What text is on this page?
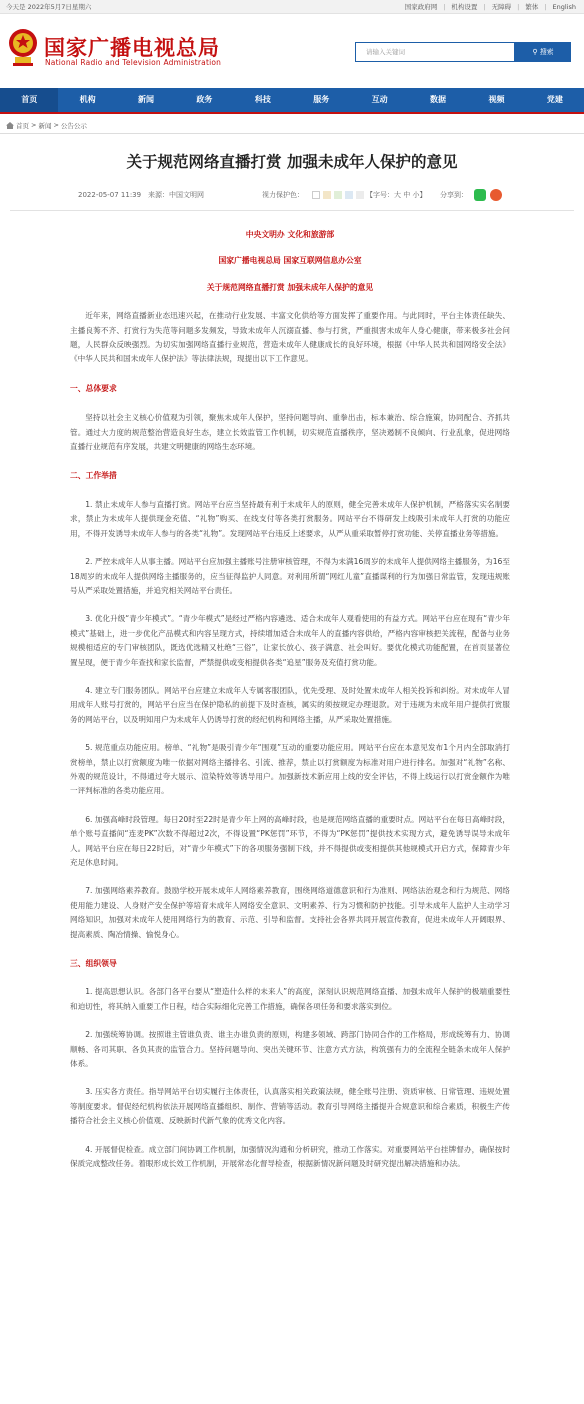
今天是 2022年5月7日星期六	国家政府网 | 机构设置 | 无障碍 | 繁体 | English
国家广播电视总局
National Radio and Television Administration
请输入关键词	⚲ 搜索
首页	机构	新闻	政务	科技	服务	互动	数据	视频	党建
首页 > 新闻 > 公告公示
关于规范网络直播打赏 加强未成年人保护的意见
2022-05-07 11:39 来源：中国文明网	视力保护色：	【字号：大 中 小】 分享到：
中央文明办 文化和旅游部
国家广播电视总局 国家互联网信息办公室
关于规范网络直播打赏 加强未成年人保护的意见

近年来，网络直播新业态迅速兴起，在推动行业发展、丰富文化供给等方面发挥了重要作用。与此同时，平台主体责任缺失、主播良莠不齐、打赏行为失范等问题多发频发，导致未成年人沉溺直播、参与打赏，严重损害未成年人身心健康，带来极多社会问题，人民群众反映强烈。为切实加强网络直播行业规范，营造未成年人健康成长的良好环境，根据《中华人民共和国网络安全法》《中华人民共和国未成年人保护法》等法律法规，现提出以下工作意见。

一、总体要求

坚持以社会主义核心价值观为引领，聚焦未成年人保护，坚持问题导向、重拳出击，标本兼治、综合施策，协同配合、齐抓共管。通过大力度的规范整治营造良好生态，建立长效监管工作机制，切实规范直播秩序，坚决遏制不良倾向、行业乱象，促进网络直播行业规范有序发展，共建文明健康的网络生态环境。

二、工作举措

1. 禁止未成年人参与直播打赏。网站平台应当坚持最有利于未成年人的原则，健全完善未成年人保护机制，严格落实实名制要求，禁止为未成年人提供现金充值、“礼物”购买、在线支付等各类打赏服务。网站平台不得研发上线吸引未成年人打赏的功能应用，不得开发诱导未成年人参与的各类“礼物”。发现网站平台违反上述要求，从严从重采取暂停打赏功能、关停直播业务等措施。

2. 严控未成年人从事主播。网站平台应加强主播账号注册审核管理，不得为未满16周岁的未成年人提供网络主播服务，为16至18周岁的未成年人提供网络主播服务的，应当征得监护人同意。对利用所谓“网红儿童”直播谋利的行为加强日常监管，发现违规账号从严采取处置措施，并追究相关网站平台责任。

3. 优化升级“青少年模式”。“青少年模式”是经过严格内容遴选、适合未成年人观看使用的有益方式。网站平台应在现有“青少年模式”基础上，进一步优化产品模式和内容呈现方式，持续增加适合未成年人的直播内容供给，严格内容审核把关流程，配备与业务规模相适应的专门审核团队，既选优选精又杜绝“三俗”，让家长放心、孩子满意、社会叫好。要优化模式功能配置，在首页显著位置呈现，便于青少年查找和家长监督，严禁提供或变相提供各类“追星”服务及充值打赏功能。

4. 建立专门服务团队。网站平台应建立未成年人专属客服团队，优先受理、及时处置未成年人相关投诉和纠纷。对未成年人冒用成年人账号打赏的，网站平台应当在保护隐私的前提下及时查核，属实的须按规定办理退款。对于违规为未成年用户提供打赏服务的网站平台，以及明知用户为未成年人仍诱导打赏的经纪机构和网络主播，从严采取处置措施。

5. 规范重点功能应用。榜单、“礼物”是吸引青少年“围观”互动的重要功能应用。网站平台应在本意见发布1个月内全部取消打赏榜单，禁止以打赏额度为唯一依据对网络主播排名、引流、推荐，禁止以打赏额度为标准对用户进行排名。加强对“礼物”名称、外观的规范设计，不得通过夸大展示、渲染特效等诱导用户。加强新技术新应用上线的安全评估，不得上线运行以打赏金额作为唯一评判标准的各类功能应用。

6. 加强高峰时段管理。每日20时至22时是青少年上网的高峰时段，也是规范网络直播的重要时点。网站平台在每日高峰时段，单个账号直播间“连麦PK”次数不得超过2次，不得设置“PK惩罚”环节，不得为“PK惩罚”提供技术实现方式，避免诱导误导未成年人。网站平台应在每日22时后，对“青少年模式”下的各项服务强制下线，并不得提供或变相提供其他规模式开启方式，保障青少年充足休息时间。

7. 加强网络素养教育。鼓励学校开展未成年人网络素养教育，围绕网络道德意识和行为准则、网络法治观念和行为规范、网络使用能力建设、人身财产安全保护等培育未成年人网络安全意识、文明素养、行为习惯和防护技能。引导未成年人监护人主动学习网络知识，加强对未成年人使用网络行为的教育、示范、引导和监督。支持社会各界共同开展宣传教育，促进未成年人开阔眼界、提高素质、陶冶情操、愉悦身心。

三、组织领导

1. 提高思想认识。各部门各平台要从“塑造什么样的未来人”的高度，深刻认识规范网络直播、加强未成年人保护的极端重要性和迫切性，将其纳入重要工作日程，结合实际细化完善工作措施，确保各项任务和要求落实到位。

2. 加强统筹协调。按照谁主管谁负责、谁主办谁负责的原则，构建多领域、跨部门协同合作的工作格局，形成统筹有力、协调顺畅、各司其职、各负其责的监管合力。坚持问题导向、突出关键环节、注意方式方法，构筑强有力的全流程全链条未成年人保护体系。

3. 压实各方责任。指导网站平台切实履行主体责任，认真落实相关政策法规，健全账号注册、资质审核、日常管理、违规处置等制度要求。督促经纪机构依法开展网络直播组织、制作、营销等活动。教育引导网络主播提升合规意识和综合素质，积极生产传播符合社会主义核心价值观、反映新时代新气象的优秀文化内容。

4. 开展督促检查。成立部门间协调工作机制，加强情况沟通和分析研究，推动工作落实。对重要网站平台挂牌督办，确保按时保质完成整改任务。着眼形成长效工作机制，开展常态化督导检查，根据新情况新问题及时研究提出解决措施和办法。
